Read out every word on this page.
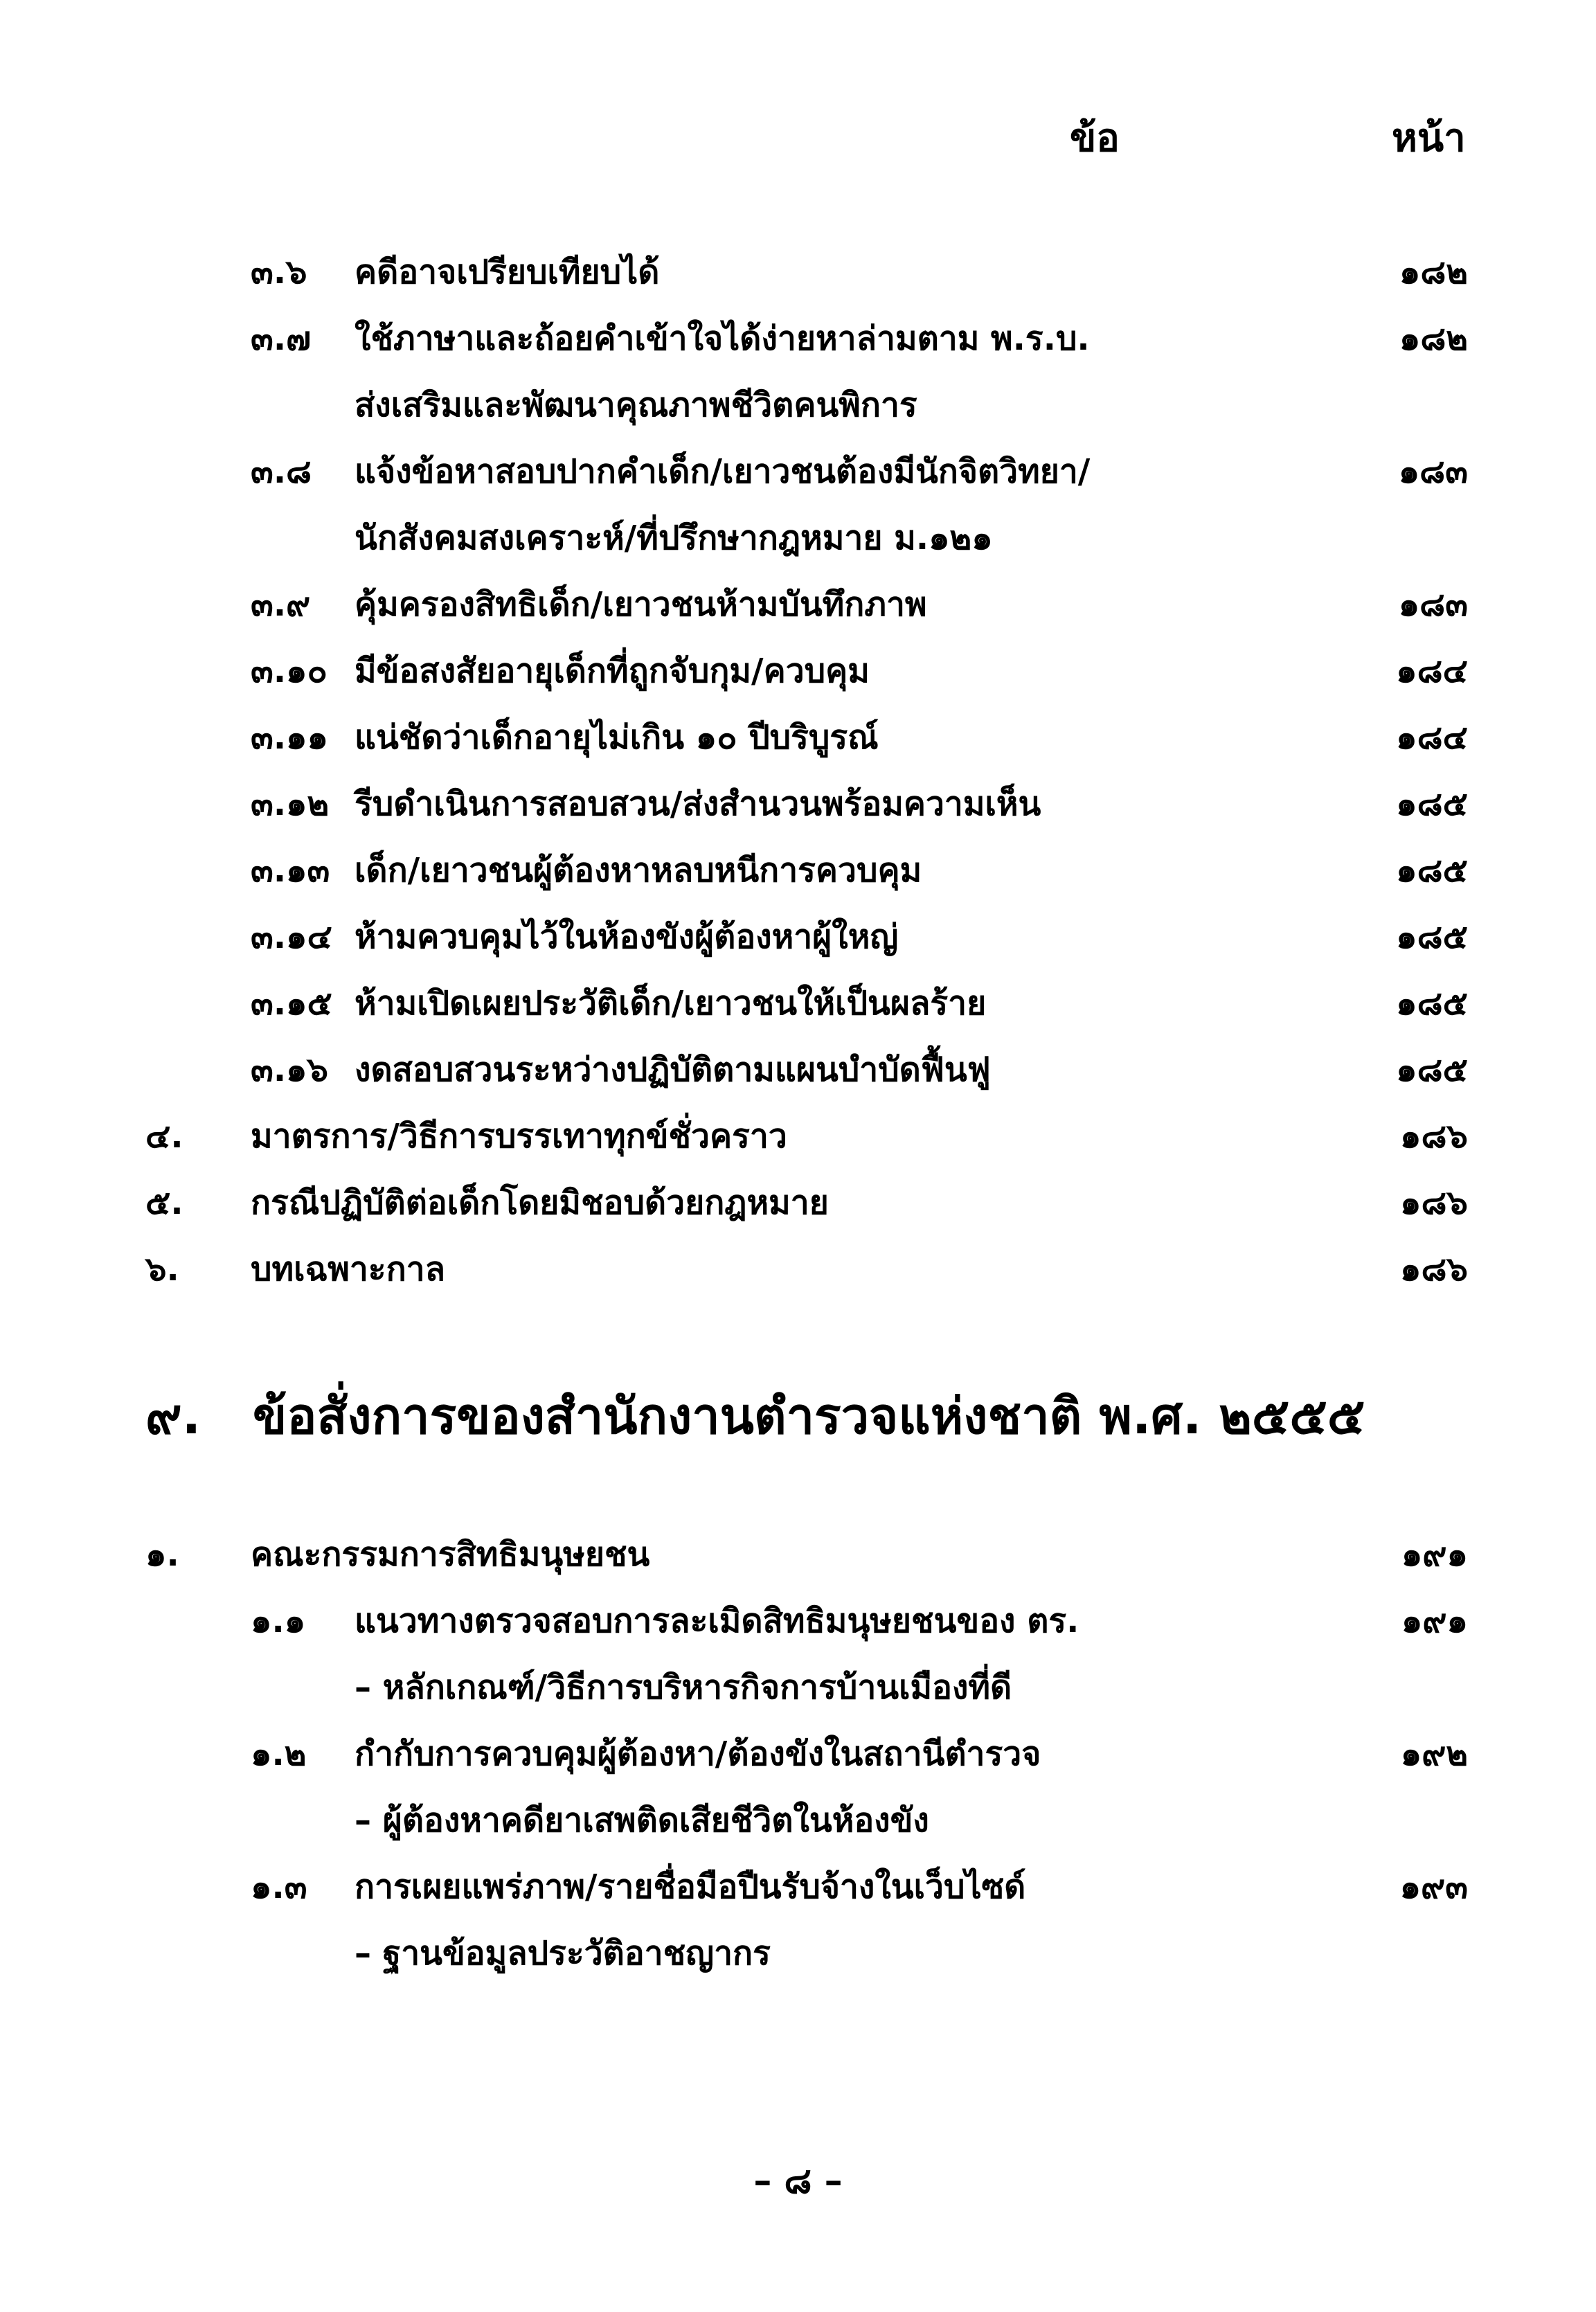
ข้อ	หน้า
๓.๖ คดีอาจเปรียบเทียบได้	๑๘๒
๓.๗ ใช้ภาษาและถ้อยคำเข้าใจได้ง่ายหาล่ามตาม พ.ร.บ.	๑๘๒
ส่งเสริมและพัฒนาคุณภาพชีวิตคนพิการ
๓.๘ แจ้งข้อหาสอบปากคำเด็ก/เยาวชนต้องมีนักจิตวิทยา/	๑๘๓
นักสังคมสงเคราะห์/ที่ปรึกษากฎหมาย ม.๑๒๑
๓.๙ คุ้มครองสิทธิเด็ก/เยาวชนห้ามบันทึกภาพ	๑๘๓
๓.๑๐ มีข้อสงสัยอายุเด็กที่ถูกจับกุม/ควบคุม	๑๘๔
๓.๑๑ แน่ชัดว่าเด็กอายุไม่เกิน ๑๐ ปีบริบูรณ์	๑๘๔
๓.๑๒ รีบดำเนินการสอบสวน/ส่งสำนวนพร้อมความเห็น	๑๘๕
๓.๑๓ เด็ก/เยาวชนผู้ต้องหาหลบหนีการควบคุม	๑๘๕
๓.๑๔ ห้ามควบคุมไว้ในห้องขังผู้ต้องหาผู้ใหญ่	๑๘๕
๓.๑๕ ห้ามเปิดเผยประวัติเด็ก/เยาวชนให้เป็นผลร้าย	๑๘๕
๓.๑๖ งดสอบสวนระหว่างปฏิบัติตามแผนบำบัดฟื้นฟู	๑๘๕
๔. มาตรการ/วิธีการบรรเทาทุกข์ชั่วคราว	๑๘๖
๕. กรณีปฏิบัติต่อเด็กโดยมิชอบด้วยกฎหมาย	๑๘๖
๖. บทเฉพาะกาล	๑๘๖
๙. ข้อสั่งการของสำนักงานตำรวจแห่งชาติ พ.ศ. ๒๕๕๕
๑. คณะกรรมการสิทธิมนุษยชน	๑๙๑
๑.๑ แนวทางตรวจสอบการละเมิดสิทธิมนุษยชนของ ตร.	๑๙๑
– หลักเกณฑ์/วิธีการบริหารกิจการบ้านเมืองที่ดี
๑.๒ กำกับการควบคุมผู้ต้องหา/ต้องขังในสถานีตำรวจ	๑๙๒
– ผู้ต้องหาคดียาเสพติดเสียชีวิตในห้องขัง
๑.๓ การเผยแพร่ภาพ/รายชื่อมือปืนรับจ้างในเว็บไซด์	๑๙๓
– ฐานข้อมูลประวัติอาชญากร
– ๘ –
